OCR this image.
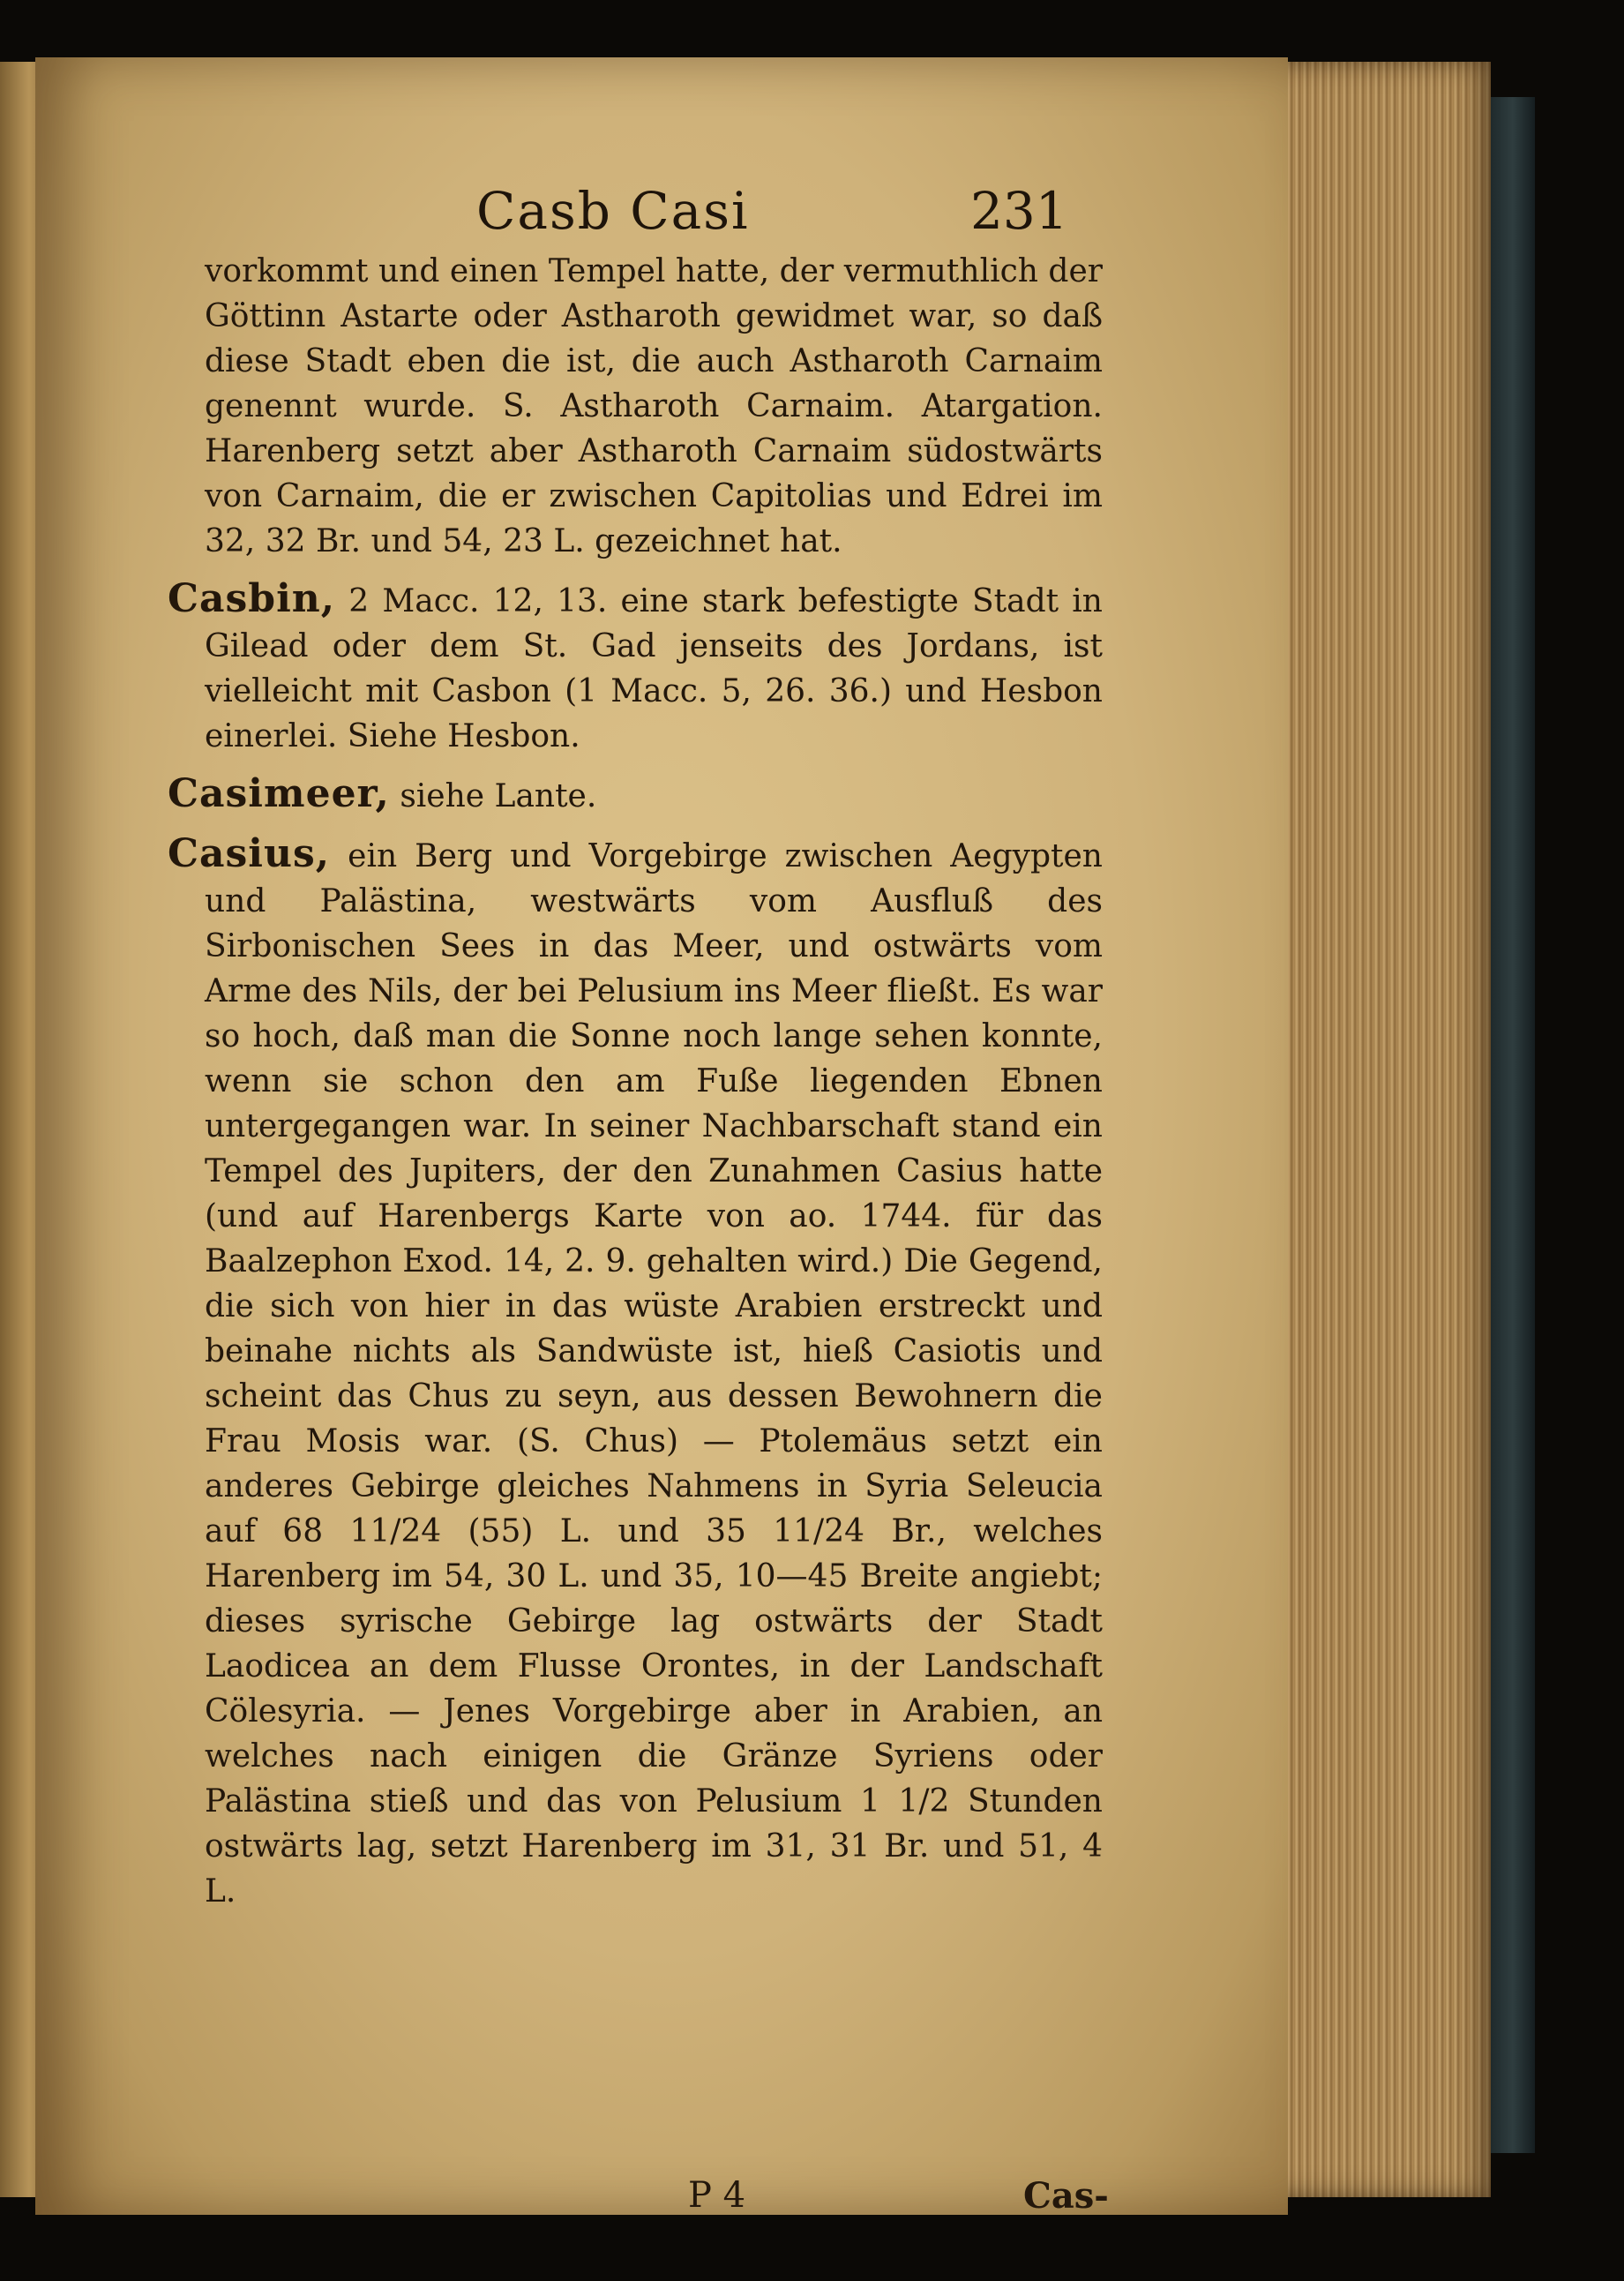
Casb Casi	231

vorkommt und einen Tempel hatte, der vermuthlich der Göttinn Astarte oder Astharoth gewidmet war, so daß diese Stadt eben die ist, die auch Astharoth Carnaim genennt wurde. S. Astharoth Carnaim. Atargation. Harenberg setzt aber Astharoth Carnaim südostwärts von Carnaim, die er zwischen Capitolias und Edrei im 32, 32 Br. und 54, 23 L. gezeichnet hat.

Casbin, 2 Macc. 12, 13. eine stark befestigte Stadt in Gilead oder dem St. Gad jenseits des Jordans, ist vielleicht mit Casbon (1 Macc. 5, 26. 36.) und Hesbon einerlei. Siehe Hesbon.

Casimeer, siehe Lante.

Casius, ein Berg und Vorgebirge zwischen Aegypten und Palästina, westwärts vom Ausfluß des Sirbonischen Sees in das Meer, und ostwärts vom Arme des Nils, der bei Pelusium ins Meer fließt. Es war so hoch, daß man die Sonne noch lange sehen konnte, wenn sie schon den am Fuße liegenden Ebnen untergegangen war. In seiner Nachbarschaft stand ein Tempel des Jupiters, der den Zunahmen Casius hatte (und auf Harenbergs Karte von ao. 1744. für das Baalzephon Exod. 14, 2. 9. gehalten wird.) Die Gegend, die sich von hier in das wüste Arabien erstreckt und beinahe nichts als Sandwüste ist, hieß Casiotis und scheint das Chus zu seyn, aus dessen Bewohnern die Frau Mosis war. (S. Chus) — Ptolemäus setzt ein anderes Gebirge gleiches Nahmens in Syria Seleucia auf 68 11/24 (55) L. und 35 11/24 Br., welches Harenberg im 54, 30 L. und 35, 10—45 Breite angiebt; dieses syrische Gebirge lag ostwärts der Stadt Laodicea an dem Flusse Orontes, in der Landschaft Cölesyria. — Jenes Vorgebirge aber in Arabien, an welches nach einigen die Gränze Syriens oder Palästina stieß und das von Pelusium 1 1/2 Stunden ostwärts lag, setzt Harenberg im 31, 31 Br. und 51, 4 L.

P 4	Cas-
